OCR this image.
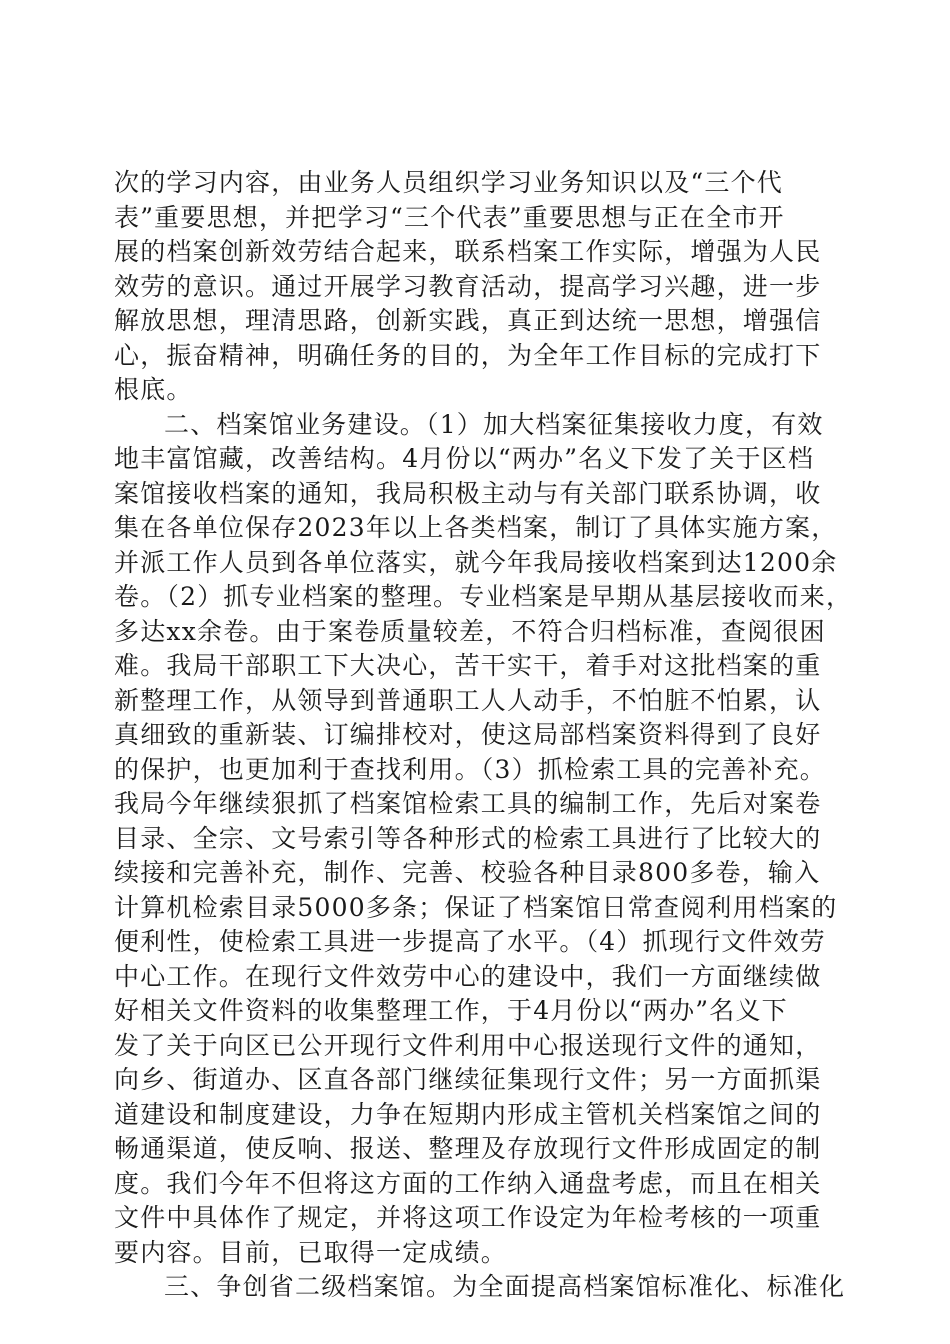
次的学习内容，由业务人员组织学习业务知识以及“三个代
表”重要思想，并把学习“三个代表”重要思想与正在全市开
展的档案创新效劳结合起来，联系档案工作实际，增强为人民
效劳的意识。通过开展学习教育活动，提高学习兴趣，进一步
解放思想，理清思路，创新实践，真正到达统一思想，增强信
心，振奋精神，明确任务的目的，为全年工作目标的完成打下
根底。
二、档案馆业务建设。（1）加大档案征集接收力度，有效
地丰富馆藏，改善结构。4月份以“两办”名义下发了关于区档
案馆接收档案的通知，我局积极主动与有关部门联系协调，收
集在各单位保存2023年以上各类档案，制订了具体实施方案，
并派工作人员到各单位落实，就今年我局接收档案到达1200余
卷。（2）抓专业档案的整理。专业档案是早期从基层接收而来，
多达xx余卷。由于案卷质量较差，不符合归档标准，查阅很困
难。我局干部职工下大决心，苦干实干，着手对这批档案的重
新整理工作，从领导到普通职工人人动手，不怕脏不怕累，认
真细致的重新装、订编排校对，使这局部档案资料得到了良好
的保护，也更加利于查找利用。（3）抓检索工具的完善补充。
我局今年继续狠抓了档案馆检索工具的编制工作，先后对案卷
目录、全宗、文号索引等各种形式的检索工具进行了比较大的
续接和完善补充，制作、完善、校验各种目录800多卷，输入
计算机检索目录5000多条；保证了档案馆日常查阅利用档案的
便利性，使检索工具进一步提高了水平。（4）抓现行文件效劳
中心工作。在现行文件效劳中心的建设中，我们一方面继续做
好相关文件资料的收集整理工作，于4月份以“两办”名义下
发了关于向区已公开现行文件利用中心报送现行文件的通知，
向乡、街道办、区直各部门继续征集现行文件；另一方面抓渠
道建设和制度建设，力争在短期内形成主管机关档案馆之间的
畅通渠道，使反响、报送、整理及存放现行文件形成固定的制
度。我们今年不但将这方面的工作纳入通盘考虑，而且在相关
文件中具体作了规定，并将这项工作设定为年检考核的一项重
要内容。目前，已取得一定成绩。
三、争创省二级档案馆。为全面提高档案馆标准化、标准化
